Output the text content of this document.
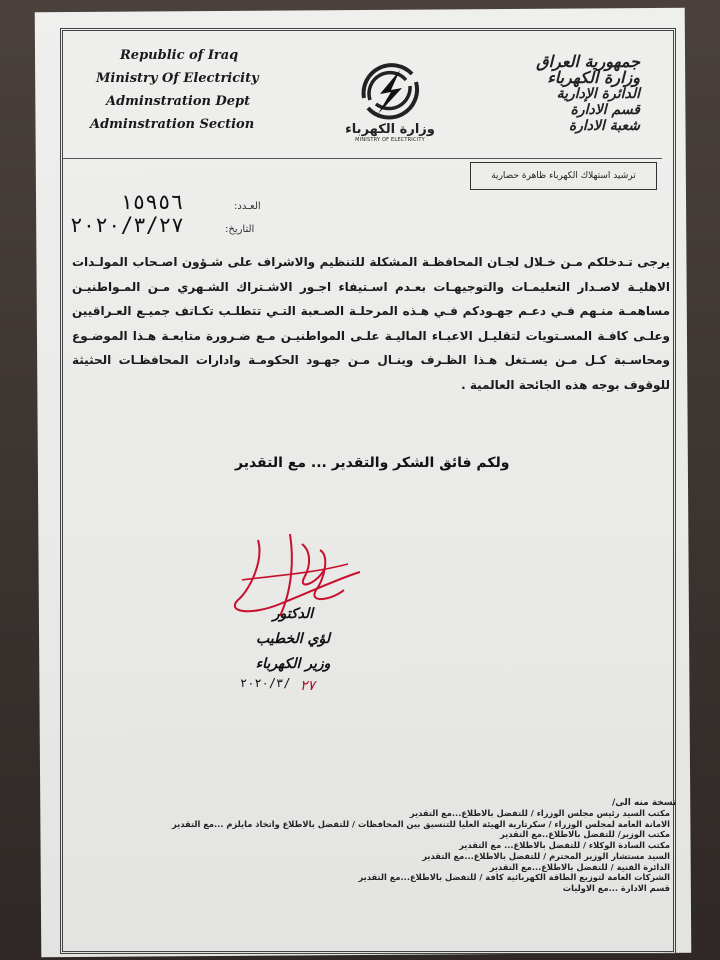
Republic of Iraq
Ministry Of Electricity
Adminstration Dept
Adminstration Section
جمهورية العراق
وزارة الكهرباء
الدائرة الإدارية
قسم الادارة
شعبة الادارة
وزارة الكهرباء
MINISTRY OF ELECTRICITY
ترشيد استهلاك الكهرباء ظاهرة حضارية
العـدد:
١٥٩٥٦
التاريخ:
٢٠٢٠/٣/٢٧
يرجى تـدخلكم مـن خـلال لجـان المحافظـة المشكلة للتنظيم والاشراف على شـؤون اصـحاب المولـدات الاهليـة لاصـدار التعليمـات والتوجيهـات بعـدم اسـتيفاء اجـور الاشـتراك الشـهري مـن المـواطنيـن مساهمـة منـهم فـي دعـم جهـودكم فـي هـذه المرحلـة الصـعبة التـي تتطلـب تكـاتف جميـع العـراقيين وعلـى كافـة المسـتويات لتقليـل الاعبـاء الماليـة علـى المواطنيـن مـع ضـرورة متابعـة هـذا الموضـوع ومحاسـبة كـل مـن يسـتغل هـذا الظـرف وينـال مـن جهـود الحكومـة وادارات المحافظـات الحثيثة للوقوف بوجه هذه الجائحة العالمية .
ولكم فائق الشكر والتقدير ... مع التقدير
الدكتور
لؤي الخطيب
وزير الكهرباء
٢٠٢٠/٣/ ٢٧
نسخة منه الى/
مكتب السيد رئيس مجلس الوزراء / للتفضل بالاطلاع...مع التقدير
الامانة العامة لمجلس الوزراء / سكرتارية الهيئة العليا للتنسيق بين المحافظات / للتفضل بالاطلاع واتخاذ مايلزم ...مع التقدير
مكتب الوزير/ للتفضل بالاطلاع..مع التقدير
مكتب السادة الوكلاء / للتفضل بالاطلاع... مع التقدير
السيد مستشار الوزير المحترم / للتفضل بالاطلاع...مع التقدير
الدائرة الفنية / للتفضل بالاطلاع...مع التقدير
الشركات العامة لتوزيع الطاقة الكهربائية كافة / للتفضل بالاطلاع...مع التقدير
قسم الادارة ...مع الاوليات
